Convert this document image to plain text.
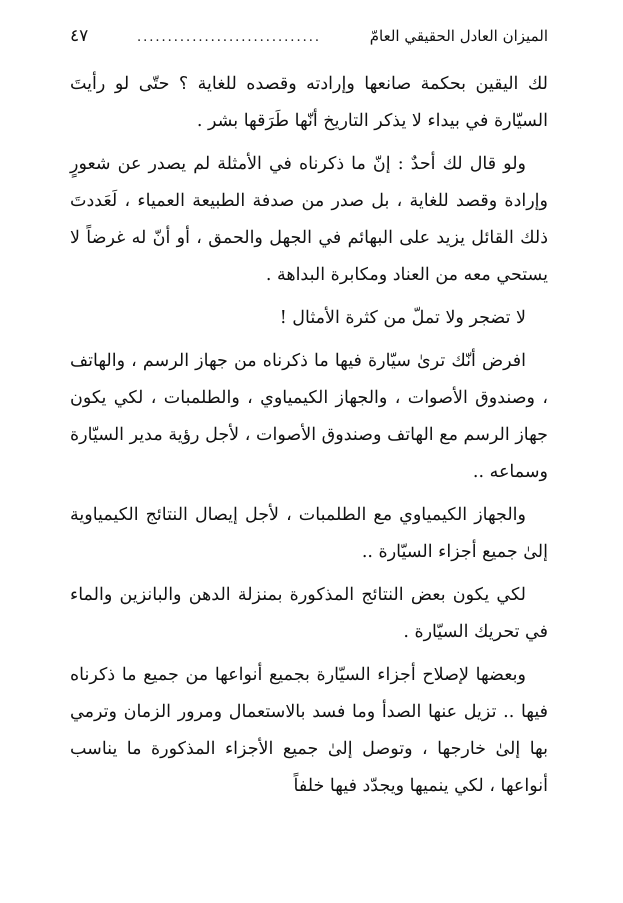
الميزان العادل الحقيقي العامّ
..............................
٤٧

لك اليقين بحكمة صانعها وإرادته وقصده للغاية ؟ حتّى لو رأيتَ السيّارة في بيداء لا يذكر التاريخ أنّها طَرَقها بشر .

ولو قال لك أحدٌ : إنّ ما ذكرناه في الأمثلة لم يصدر عن شعورٍ وإرادة وقصد للغاية ، بل صدر من صدفة الطبيعة العمياء ، لَعَددتَ ذلك القائل يزيد على البهائم في الجهل والحمق ، أو أنّ له غرضاً لا يستحي معه من العناد ومكابرة البداهة .

لا تضجر ولا تملّ من كثرة الأمثال !

افرض أنّك ترىٰ سيّارة فيها ما ذكرناه من جهاز الرسم ، والهاتف ، وصندوق الأصوات ، والجهاز الكيمياوي ، والطلمبات ، لكي يكون جهاز الرسم مع الهاتف وصندوق الأصوات ، لأجل رؤية مدير السيّارة وسماعه ..

والجهاز الكيمياوي مع الطلمبات ، لأجل إيصال النتائج الكيمياوية إلىٰ جميع أجزاء السيّارة ..

لكي يكون بعض النتائج المذكورة بمنزلة الدهن والبانزين والماء في تحريك السيّارة .

وبعضها لإصلاح أجزاء السيّارة بجميع أنواعها من جميع ما ذكرناه فيها .. تزيل عنها الصدأ وما فسد بالاستعمال ومرور الزمان وترمي بها إلىٰ خارجها ، وتوصل إلىٰ جميع الأجزاء المذكورة ما يناسب أنواعها ، لكي ينميها ويجدّد فيها خلفاً
